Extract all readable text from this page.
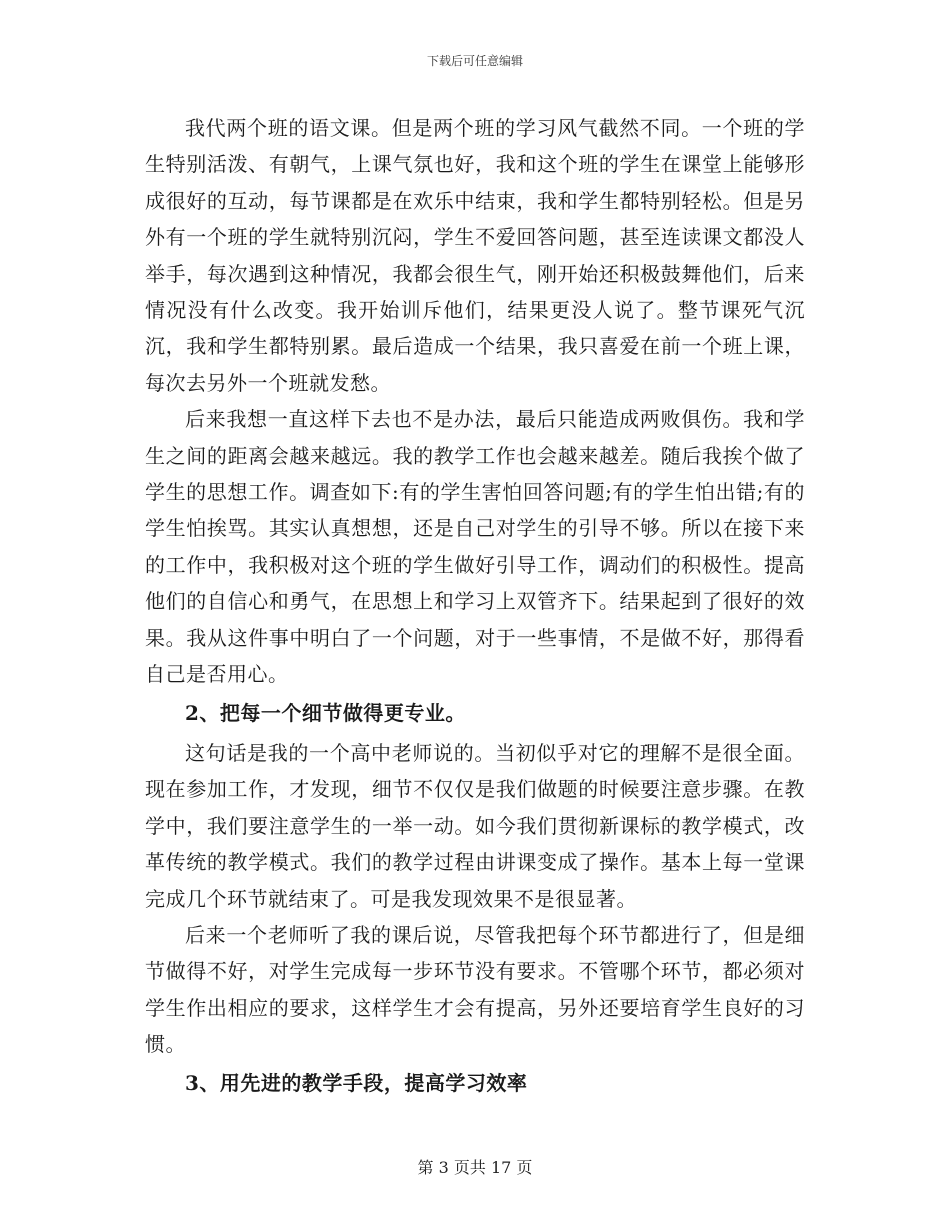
下载后可任意编辑

我代两个班的语文课。但是两个班的学习风气截然不同。一个班的学生特别活泼、有朝气，上课气氛也好，我和这个班的学生在课堂上能够形成很好的互动，每节课都是在欢乐中结束，我和学生都特别轻松。但是另外有一个班的学生就特别沉闷，学生不爱回答问题，甚至连读课文都没人举手，每次遇到这种情况，我都会很生气，刚开始还积极鼓舞他们，后来情况没有什么改变。我开始训斥他们，结果更没人说了。整节课死气沉沉，我和学生都特别累。最后造成一个结果，我只喜爱在前一个班上课，每次去另外一个班就发愁。

后来我想一直这样下去也不是办法，最后只能造成两败俱伤。我和学生之间的距离会越来越远。我的教学工作也会越来越差。随后我挨个做了学生的思想工作。调查如下:有的学生害怕回答问题;有的学生怕出错;有的学生怕挨骂。其实认真想想，还是自己对学生的引导不够。所以在接下来的工作中，我积极对这个班的学生做好引导工作，调动们的积极性。提高他们的自信心和勇气，在思想上和学习上双管齐下。结果起到了很好的效果。我从这件事中明白了一个问题，对于一些事情，不是做不好，那得看自己是否用心。

2、把每一个细节做得更专业。

这句话是我的一个高中老师说的。当初似乎对它的理解不是很全面。现在参加工作，才发现，细节不仅仅是我们做题的时候要注意步骤。在教学中，我们要注意学生的一举一动。如今我们贯彻新课标的教学模式，改革传统的教学模式。我们的教学过程由讲课变成了操作。基本上每一堂课完成几个环节就结束了。可是我发现效果不是很显著。

后来一个老师听了我的课后说，尽管我把每个环节都进行了，但是细节做得不好，对学生完成每一步环节没有要求。不管哪个环节，都必须对学生作出相应的要求，这样学生才会有提高，另外还要培育学生良好的习惯。

3、用先进的教学手段，提高学习效率

第 3 页共 17 页
